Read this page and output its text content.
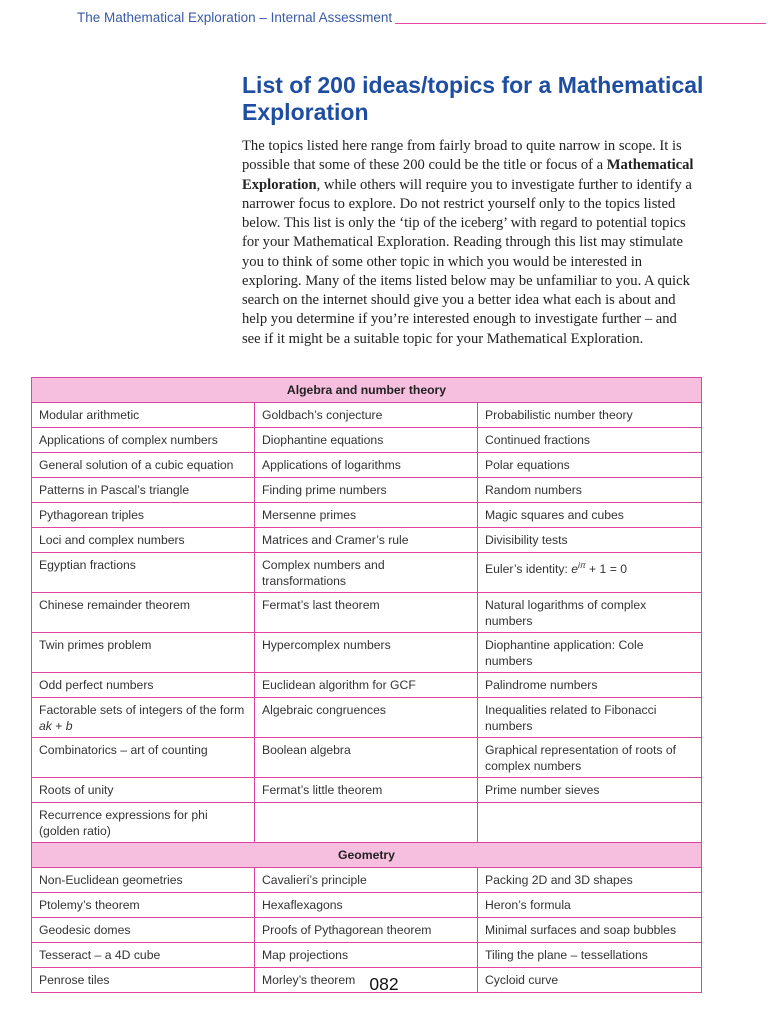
The Mathematical Exploration – Internal Assessment
List of 200 ideas/topics for a Mathematical Exploration

The topics listed here range from fairly broad to quite narrow in scope. It is possible that some of these 200 could be the title or focus of a Mathematical Exploration, while others will require you to investigate further to identify a narrower focus to explore. Do not restrict yourself only to the topics listed below. This list is only the ‘tip of the iceberg’ with regard to potential topics for your Mathematical Exploration. Reading through this list may stimulate you to think of some other topic in which you would be interested in exploring. Many of the items listed below may be unfamiliar to you. A quick search on the internet should give you a better idea what each is about and help you determine if you’re interested enough to investigate further – and see if it might be a suitable topic for your Mathematical Exploration.

Algebra and number theory		
Modular arithmetic	Goldbach’s conjecture	Probabilistic number theory
Applications of complex numbers	Diophantine equations	Continued fractions
General solution of a cubic equation	Applications of logarithms	Polar equations
Patterns in Pascal’s triangle	Finding prime numbers	Random numbers
Pythagorean triples	Mersenne primes	Magic squares and cubes
Loci and complex numbers	Matrices and Cramer’s rule	Divisibility tests
Egyptian fractions	Complex numbers and transformations	Euler’s identity: $e^{i\pi} + 1 = 0$
Chinese remainder theorem	Fermat’s last theorem	Natural logarithms of complex numbers
Twin primes problem	Hypercomplex numbers	Diophantine application: Cole numbers
Odd perfect numbers	Euclidean algorithm for GCF	Palindrome numbers
Factorable sets of integers of the form ak + b	Algebraic congruences	Inequalities related to Fibonacci numbers
Combinatorics – art of counting	Boolean algebra	Graphical representation of roots of complex numbers
Roots of unity	Fermat’s little theorem	Prime number sieves
Recurrence expressions for phi (golden ratio)		
Geometry		
Non-Euclidean geometries	Cavalieri’s principle	Packing 2D and 3D shapes
Ptolemy’s theorem	Hexaflexagons	Heron’s formula
Geodesic domes	Proofs of Pythagorean theorem	Minimal surfaces and soap bubbles
Tesseract – a 4D cube	Map projections	Tiling the plane – tessellations
Penrose tiles	Morley’s theorem	Cycloid curve
082
